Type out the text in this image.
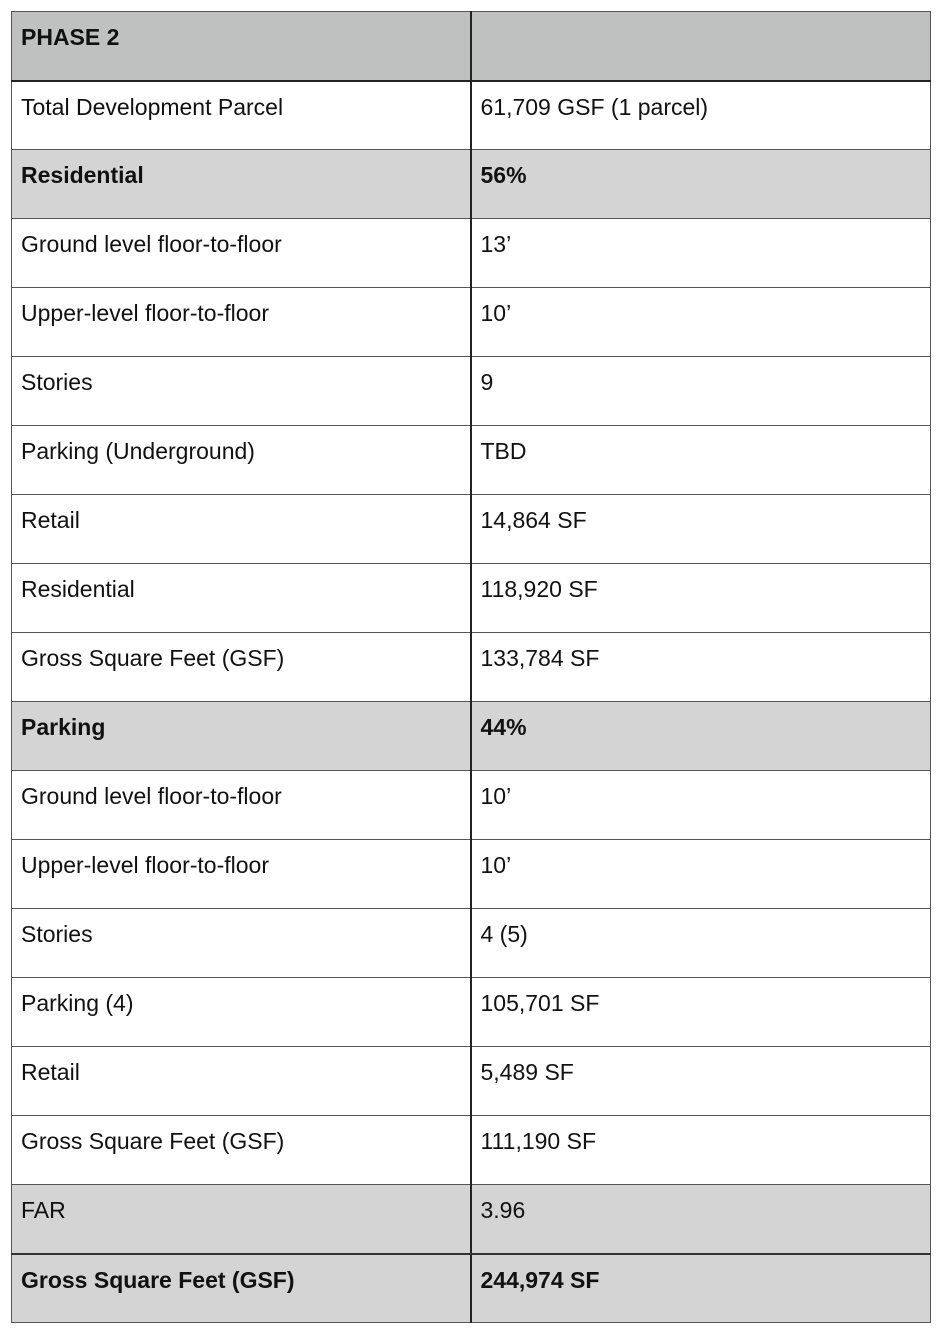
PHASE 2	

Total Development Parcel	61,709 GSF (1 parcel)

Residential	56%

Ground level floor-to-floor	13’

Upper-level floor-to-floor	10’

Stories	9

Parking (Underground)	TBD

Retail	14,864 SF

Residential	118,920 SF

Gross Square Feet (GSF)	133,784 SF

Parking	44%

Ground level floor-to-floor	10’

Upper-level floor-to-floor	10’

Stories	4 (5)

Parking (4)	105,701 SF

Retail	5,489 SF

Gross Square Feet (GSF)	111,190 SF

FAR	3.96

Gross Square Feet (GSF)	244,974 SF
